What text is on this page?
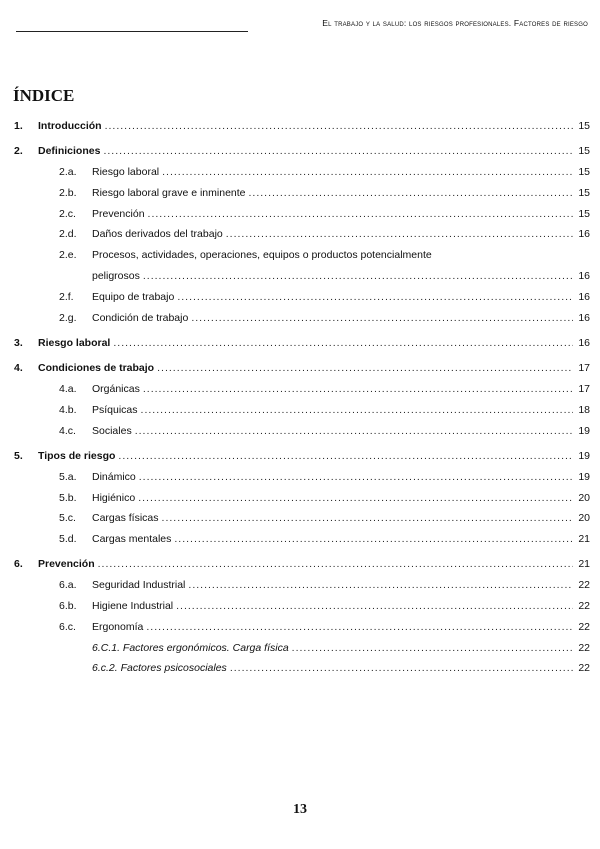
El trabajo y la salud: los riesgos profesionales. Factores de riesgo
ÍNDICE
1. Introducción .....	15
2. Definiciones .....	15
2.a. Riesgo laboral .....	15
2.b. Riesgo laboral grave e inminente .....	15
2.c. Prevención .....	15
2.d. Daños derivados del trabajo .....	16
2.e. Procesos, actividades, operaciones, equipos o productos potencialmente
peligrosos .....	16
2.f. Equipo de trabajo .....	16
2.g. Condición de trabajo .....	16
3. Riesgo laboral .....	16
4. Condiciones de trabajo .....	17
4.a. Orgánicas .....	17
4.b. Psíquicas .....	18
4.c. Sociales .....	19
5. Tipos de riesgo .....	19
5.a. Dinámico .....	19
5.b. Higiénico .....	20
5.c. Cargas físicas .....	20
5.d. Cargas mentales .....	21
6. Prevención .....	21
6.a. Seguridad Industrial .....	22
6.b. Higiene Industrial .....	22
6.c. Ergonomía .....	22
6.C.1. Factores ergonómicos. Carga física .....	22
6.c.2. Factores psicosociales .....	22
13
